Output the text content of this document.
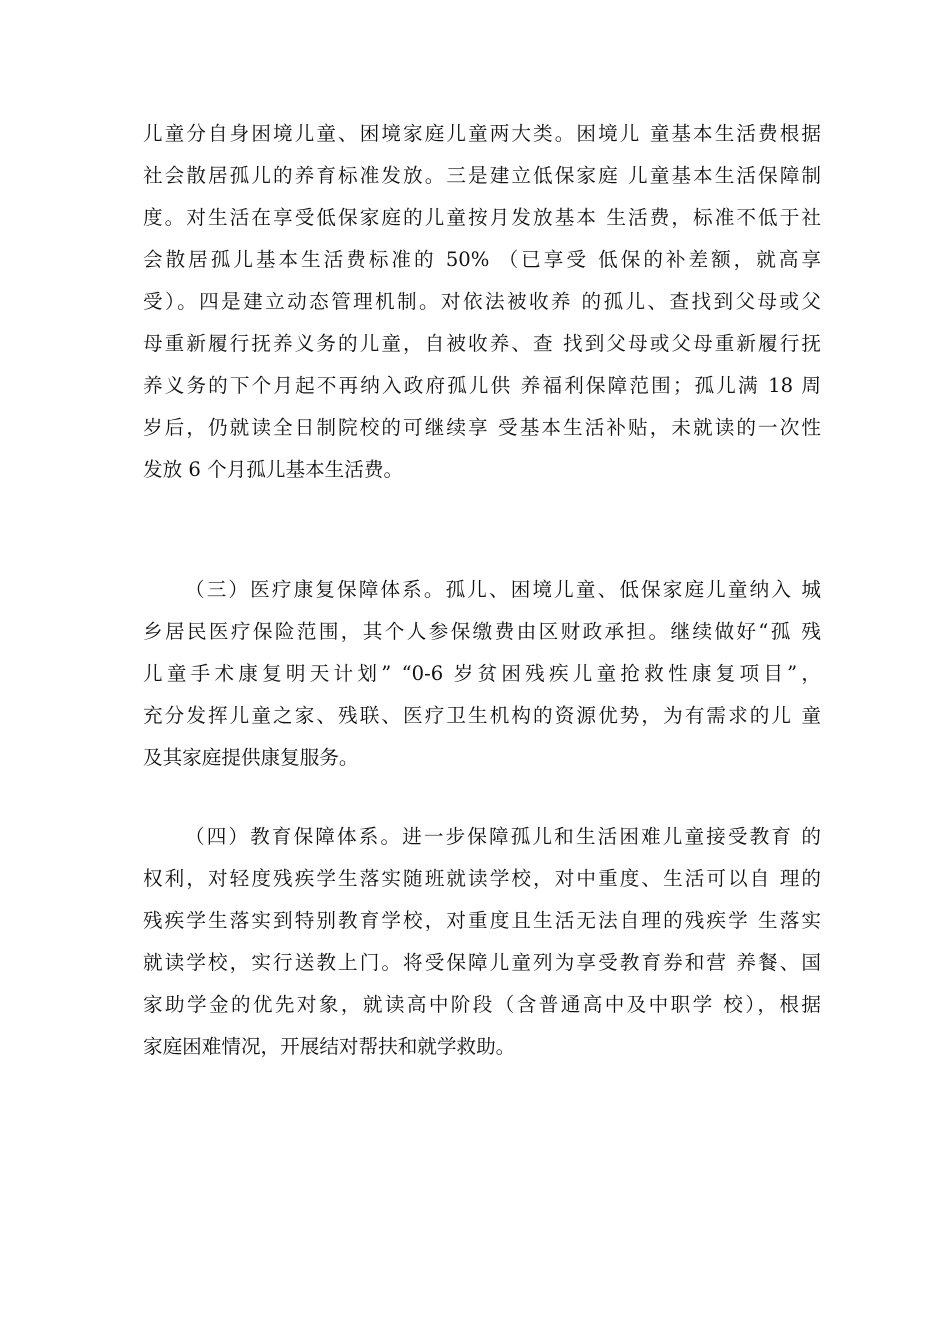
儿童分自身困境儿童、困境家庭儿童两大类。困境儿 童基本生活费根据
社会散居孤儿的养育标准发放。三是建立低保家庭 儿童基本生活保障制
度。对生活在享受低保家庭的儿童按月发放基本 生活费，标准不低于社
会散居孤儿基本生活费标准的 50% （已享受 低保的补差额，就高享
受）。四是建立动态管理机制。对依法被收养 的孤儿、查找到父母或父
母重新履行抚养义务的儿童，自被收养、查 找到父母或父母重新履行抚
养义务的下个月起不再纳入政府孤儿供 养福利保障范围；孤儿满 18 周
岁后，仍就读全日制院校的可继续享 受基本生活补贴，未就读的一次性
发放 6 个月孤儿基本生活费。
（三）医疗康复保障体系。孤儿、困境儿童、低保家庭儿童纳入 城
乡居民医疗保险范围，其个人参保缴费由区财政承担。继续做好“孤 残
儿童手术康复明天计划” “0-6 岁贫困残疾儿童抢救性康复项目”，
充分发挥儿童之家、残联、医疗卫生机构的资源优势，为有需求的儿 童
及其家庭提供康复服务。
（四）教育保障体系。进一步保障孤儿和生活困难儿童接受教育 的
权利，对轻度残疾学生落实随班就读学校，对中重度、生活可以自 理的
残疾学生落实到特别教育学校，对重度且生活无法自理的残疾学 生落实
就读学校，实行送教上门。将受保障儿童列为享受教育券和营 养餐、国
家助学金的优先对象，就读高中阶段（含普通高中及中职学 校），根据
家庭困难情况，开展结对帮扶和就学救助。
